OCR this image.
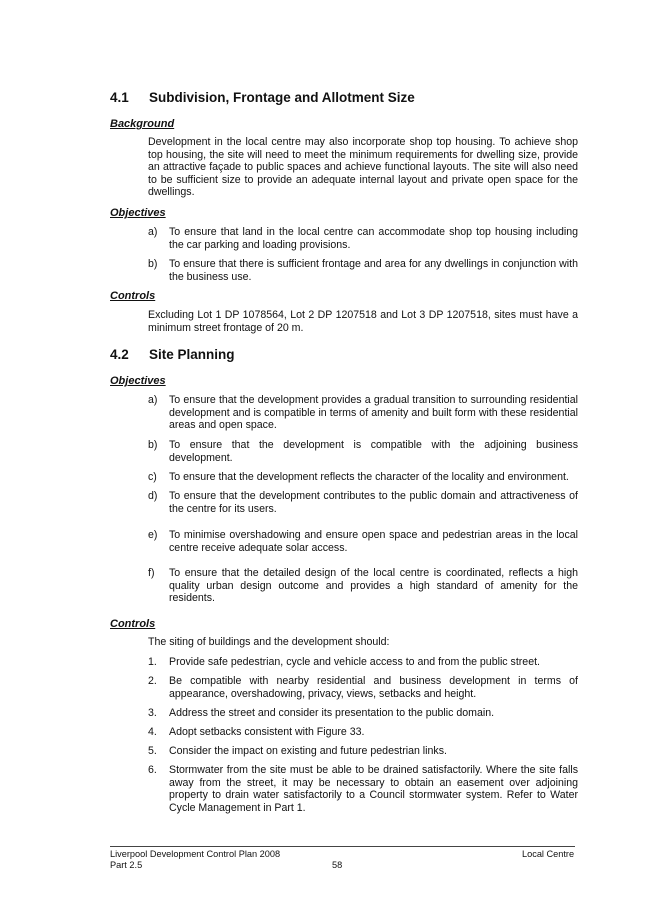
4.1 Subdivision, Frontage and Allotment Size

Background

Development in the local centre may also incorporate shop top housing. To achieve shop top housing, the site will need to meet the minimum requirements for dwelling size, provide an attractive façade to public spaces and achieve functional layouts. The site will also need to be sufficient size to provide an adequate internal layout and private open space for the dwellings.

Objectives

a) To ensure that land in the local centre can accommodate shop top housing including the car parking and loading provisions.
b) To ensure that there is sufficient frontage and area for any dwellings in conjunction with the business use.

Controls

Excluding Lot 1 DP 1078564, Lot 2 DP 1207518 and Lot 3 DP 1207518, sites must have a minimum street frontage of 20 m.

4.2 Site Planning

Objectives

a) To ensure that the development provides a gradual transition to surrounding residential development and is compatible in terms of amenity and built form with these residential areas and open space.
b) To ensure that the development is compatible with the adjoining business development.
c) To ensure that the development reflects the character of the locality and environment.
d) To ensure that the development contributes to the public domain and attractiveness of the centre for its users.
e) To minimise overshadowing and ensure open space and pedestrian areas in the local centre receive adequate solar access.
f) To ensure that the detailed design of the local centre is coordinated, reflects a high quality urban design outcome and provides a high standard of amenity for the residents.

Controls

The siting of buildings and the development should:

1. Provide safe pedestrian, cycle and vehicle access to and from the public street.
2. Be compatible with nearby residential and business development in terms of appearance, overshadowing, privacy, views, setbacks and height.
3. Address the street and consider its presentation to the public domain.
4. Adopt setbacks consistent with Figure 33.
5. Consider the impact on existing and future pedestrian links.
6. Stormwater from the site must be able to be drained satisfactorily. Where the site falls away from the street, it may be necessary to obtain an easement over adjoining property to drain water satisfactorily to a Council stormwater system. Refer to Water Cycle Management in Part 1.

Liverpool Development Control Plan 2008

Part 2.5	58

Local Centre
